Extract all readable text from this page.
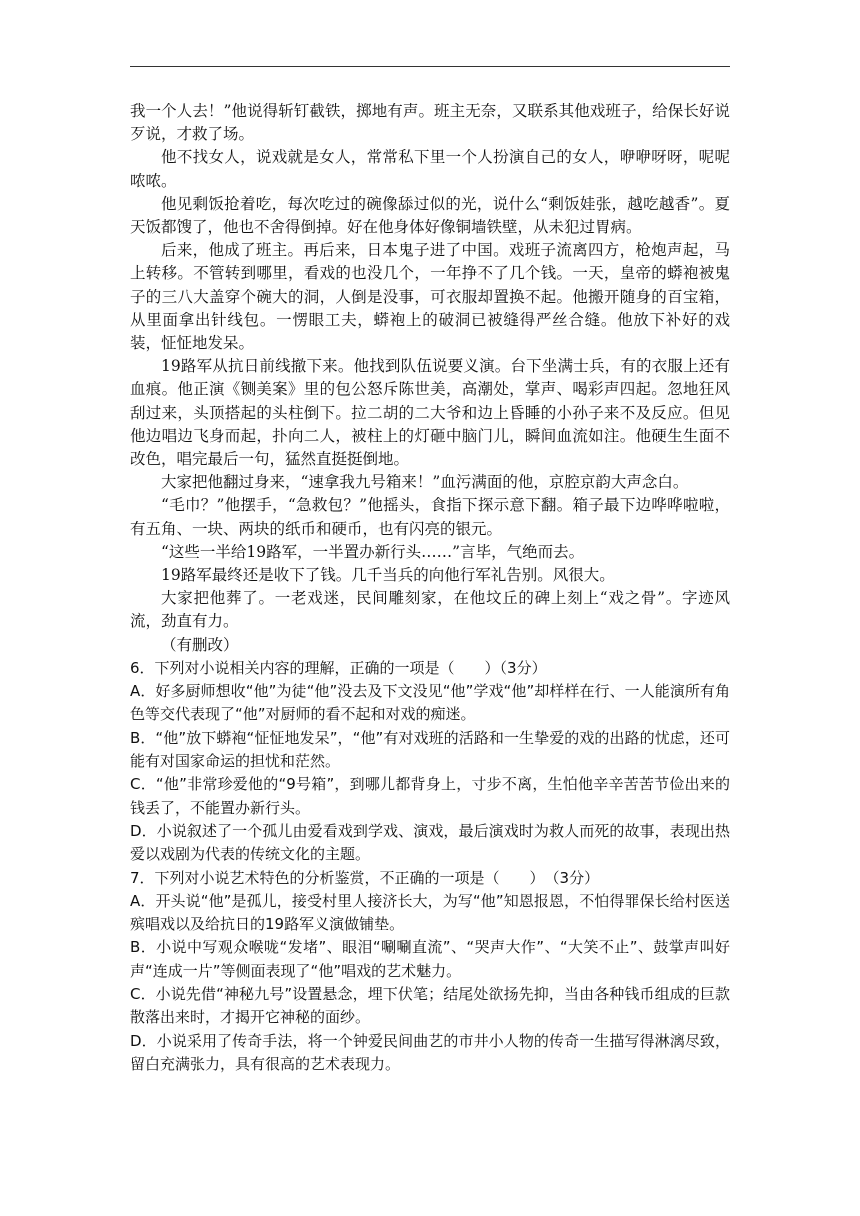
我一个人去！”他说得斩钉截铁，掷地有声。班主无奈，又联系其他戏班子，给保长好说歹说，才救了场。

他不找女人，说戏就是女人，常常私下里一个人扮演自己的女人，咿咿呀呀，呢呢哝哝。

他见剩饭抢着吃，每次吃过的碗像舔过似的光，说什么“剩饭娃张，越吃越香”。夏天饭都馊了，他也不舍得倒掉。好在他身体好像铜墙铁壁，从未犯过胃病。

后来，他成了班主。再后来，日本鬼子进了中国。戏班子流离四方，枪炮声起，马上转移。不管转到哪里，看戏的也没几个，一年挣不了几个钱。一天，皇帝的蟒袍被鬼子的三八大盖穿个碗大的洞，人倒是没事，可衣服却置换不起。他搬开随身的百宝箱，从里面拿出针线包。一愣眼工夫，蟒袍上的破洞已被缝得严丝合缝。他放下补好的戏装，怔怔地发呆。

19路军从抗日前线撤下来。他找到队伍说要义演。台下坐满士兵，有的衣服上还有血痕。他正演《铡美案》里的包公怒斥陈世美，高潮处，掌声、喝彩声四起。忽地狂风刮过来，头顶搭起的头柱倒下。拉二胡的二大爷和边上昏睡的小孙子来不及反应。但见他边唱边飞身而起，扑向二人，被柱上的灯砸中脑门儿，瞬间血流如注。他硬生生面不改色，唱完最后一句，猛然直挺挺倒地。

大家把他翻过身来，“速拿我九号箱来！”血污满面的他，京腔京韵大声念白。

“毛巾？”他摆手，“急救包？”他摇头，食指下探示意下翻。箱子最下边哗哗啦啦，有五角、一块、两块的纸币和硬币，也有闪亮的银元。

“这些一半给19路军，一半置办新行头……”言毕，气绝而去。

19路军最终还是收下了钱。几千当兵的向他行军礼告别。风很大。

大家把他葬了。一老戏迷，民间雕刻家，在他坟丘的碑上刻上“戏之骨”。字迹风流，劲直有力。

（有删改）

6．下列对小说相关内容的理解，正确的一项是（　　）（3分）

A．好多厨师想收“他”为徒“他”没去及下文没见“他”学戏“他”却样样在行、一人能演所有角色等交代表现了“他”对厨师的看不起和对戏的痴迷。

B．“他”放下蟒袍“怔怔地发呆”，“他”有对戏班的活路和一生挚爱的戏的出路的忧虑，还可能有对国家命运的担忧和茫然。

C．“他”非常珍爱他的“9号箱”，到哪儿都背身上，寸步不离，生怕他辛辛苦苦节俭出来的钱丢了，不能置办新行头。

D．小说叙述了一个孤儿由爱看戏到学戏、演戏，最后演戏时为救人而死的故事，表现出热爱以戏剧为代表的传统文化的主题。

7．下列对小说艺术特色的分析鉴赏，不正确的一项是（　　）　（3分）

A．开头说“他”是孤儿，接受村里人接济长大，为写“他”知恩报恩，不怕得罪保长给村医送殡唱戏以及给抗日的19路军义演做铺垫。

B．小说中写观众喉咙“发堵”、眼泪“唰唰直流”、“哭声大作”、“大笑不止”、鼓掌声叫好声“连成一片”等侧面表现了“他”唱戏的艺术魅力。

C．小说先借“神秘九号”设置悬念，埋下伏笔；结尾处欲扬先抑，当由各种钱币组成的巨款散落出来时，才揭开它神秘的面纱。

D．小说采用了传奇手法，将一个钟爱民间曲艺的市井小人物的传奇一生描写得淋漓尽致，留白充满张力，具有很高的艺术表现力。
